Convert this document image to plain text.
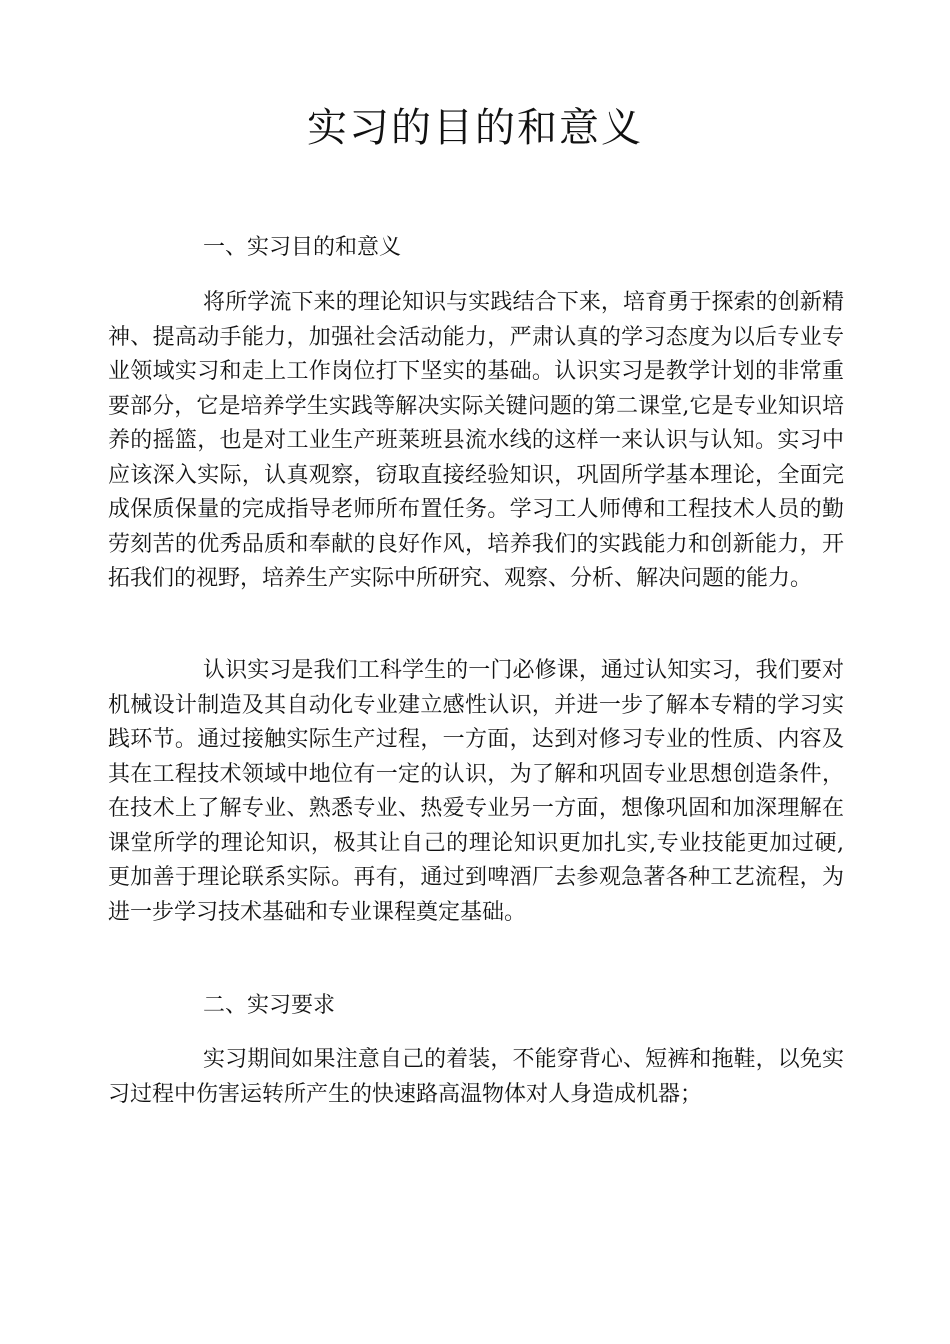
实习的目的和意义
一、实习目的和意义

将所学流下来的理论知识与实践结合下来，培育勇于探索的创新精神、提高动手能力，加强社会活动能力，严肃认真的学习态度为以后专业专业领域实习和走上工作岗位打下坚实的基础。认识实习是教学计划的非常重要部分，它是培养学生实践等解决实际关键问题的第二课堂,它是专业知识培养的摇篮，也是对工业生产班莱班县流水线的这样一来认识与认知。实习中应该深入实际，认真观察，窃取直接经验知识，巩固所学基本理论，全面完成保质保量的完成指导老师所布置任务。学习工人师傅和工程技术人员的勤劳刻苦的优秀品质和奉献的良好作风，培养我们的实践能力和创新能力，开拓我们的视野，培养生产实际中所研究、观察、分析、解决问题的能力。

认识实习是我们工科学生的一门必修课，通过认知实习，我们要对机械设计制造及其自动化专业建立感性认识，并进一步了解本专精的学习实践环节。通过接触实际生产过程，一方面，达到对修习专业的性质、内容及其在工程技术领域中地位有一定的认识，为了解和巩固专业思想创造条件，在技术上了解专业、熟悉专业、热爱专业另一方面，想像巩固和加深理解在课堂所学的理论知识，极其让自己的理论知识更加扎实,专业技能更加过硬,更加善于理论联系实际。再有，通过到啤酒厂去参观急著各种工艺流程，为进一步学习技术基础和专业课程奠定基础。

二、实习要求

实习期间如果注意自己的着装，不能穿背心、短裤和拖鞋，以免实习过程中伤害运转所产生的快速路高温物体对人身造成机器；
